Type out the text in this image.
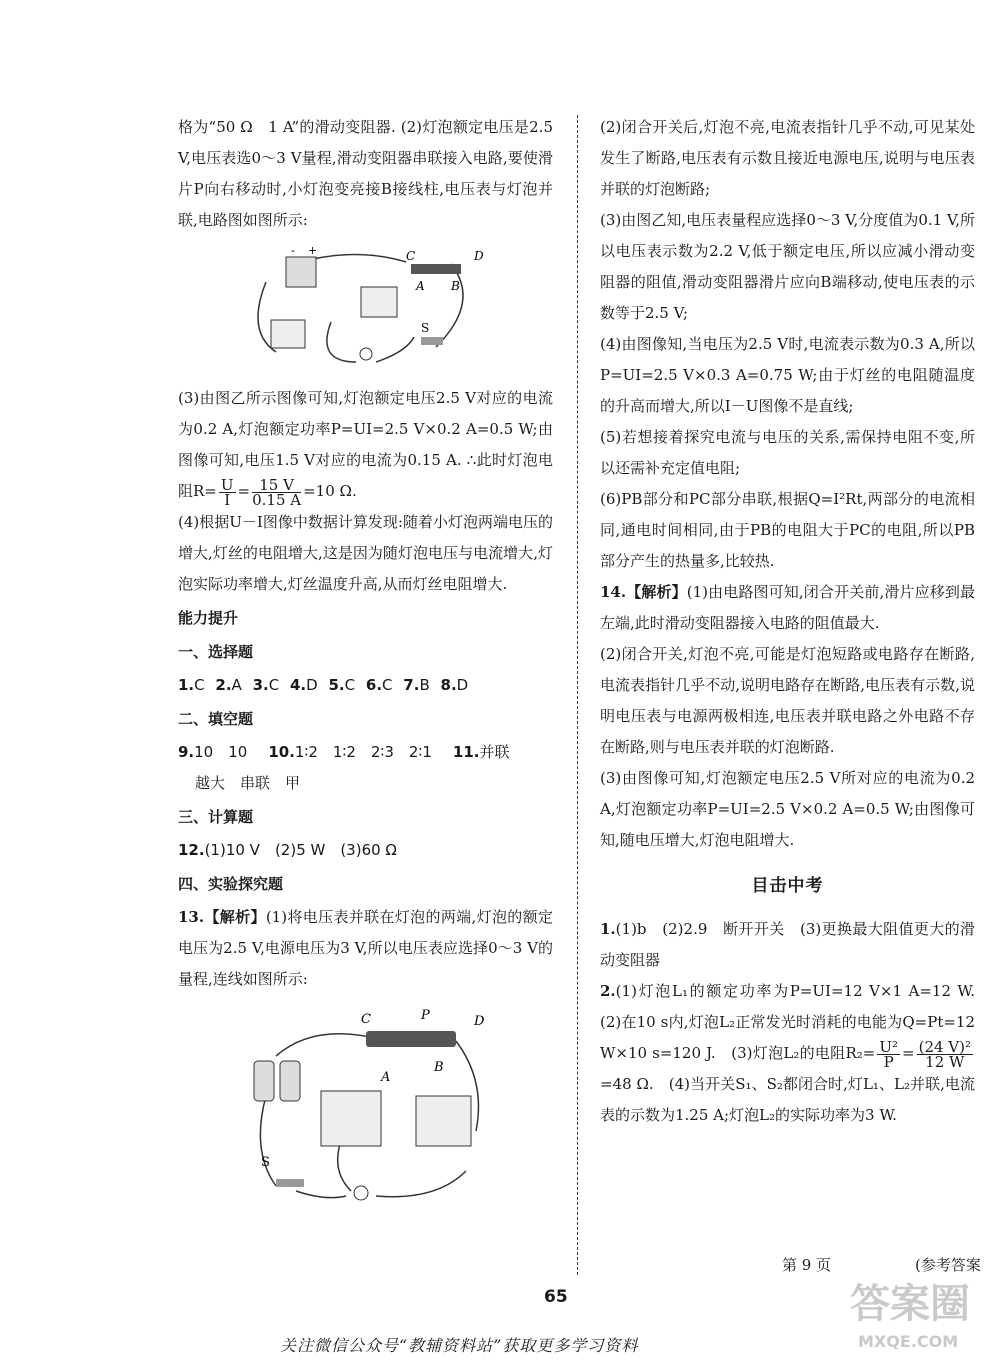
格为“50 Ω　1 A”的滑动变阻器. (2)灯泡额定电压是2.5 V,电压表选0～3 V量程,滑动变阻器串联接入电路,要使滑片P向右移动时,小灯泡变亮接B接线柱,电压表与灯泡并联,电路图如图所示:

- +	C	D
A B
S

(3)由图乙所示图像可知,灯泡额定电压2.5 V对应的电流为0.2 A,灯泡额定功率P=UI=2.5 V×0.2 A=0.5 W;由图像可知,电压1.5 V对应的电流为0.15 A. ∴此时灯泡电阻$R= \frac{U}{I} = \frac{15 V}{0.15 A} =10$ Ω.

(4)根据U－I图像中数据计算发现:随着小灯泡两端电压的增大,灯丝的电阻增大,这是因为随灯泡电压与电流增大,灯泡实际功率增大,灯丝温度升高,从而灯丝电阻增大.

能力提升
一、选择题

1.C 2.A 3.C 4.D 5.C 6.C 7.B 8.D

二、填空题

9.10　10　 10.1∶2　1∶2　2∶3　2∶1　 11.并联

越大　串联　甲

三、计算题

12.(1)10 V　(2)5 W　(3)60 Ω

四、实验探究题

13.【解析】(1)将电压表并联在灯泡的两端,灯泡的额定电压为2.5 V,电源电压为3 V,所以电压表应选择0～3 V的量程,连线如图所示:

C	P	D
A
B
S

(2)闭合开关后,灯泡不亮,电流表指针几乎不动,可见某处发生了断路,电压表有示数且接近电源电压,说明与电压表并联的灯泡断路;

(3)由图乙知,电压表量程应选择0～3 V,分度值为0.1 V,所以电压表示数为2.2 V,低于额定电压,所以应减小滑动变阻器的阻值,滑动变阻器滑片应向B端移动,使电压表的示数等于2.5 V;

(4)由图像知,当电压为2.5 V时,电流表示数为0.3 A,所以P=UI=2.5 V×0.3 A=0.75 W;由于灯丝的电阻随温度的升高而增大,所以I－U图像不是直线;

(5)若想接着探究电流与电压的关系,需保持电阻不变,所以还需补充定值电阻;

(6)PB部分和PC部分串联,根据Q=I²Rt,两部分的电流相同,通电时间相同,由于PB的电阻大于PC的电阻,所以PB部分产生的热量多,比较热.

14.【解析】(1)由电路图可知,闭合开关前,滑片应移到最左端,此时滑动变阻器接入电路的阻值最大.

(2)闭合开关,灯泡不亮,可能是灯泡短路或电路存在断路,电流表指针几乎不动,说明电路存在断路,电压表有示数,说明电压表与电源两极相连,电压表并联电路之外电路不存在断路,则与电压表并联的灯泡断路.

(3)由图像可知,灯泡额定电压2.5 V所对应的电流为0.2 A,灯泡额定功率P=UI=2.5 V×0.2 A=0.5 W;由图像可知,随电压增大,灯泡电阻增大.

目击中考

1.(1)b　(2)2.9　断开开关　(3)更换最大阻值更大的滑动变阻器

2.(1)灯泡L₁的额定功率为P=UI=12 V×1 A=12 W.　(2)在10 s内,灯泡L₂正常发光时消耗的电能为Q=Pt=12 W×10 s=120 J.　(3)灯泡L₂的电阻$R_2= \frac{\text{U²}}{P} = \frac{\text{(24 V)²}}{12 W}$
=48 Ω.　(4)当开关S₁、S₂都闭合时,灯L₁、L₂并联,电流表的示数为1.25 A;灯泡L₂的实际功率为3 W.

第 9 页	(参考答案
65	答案圈
MXQE.COM
关注微信公众号“教辅资料站”获取更多学习资料
